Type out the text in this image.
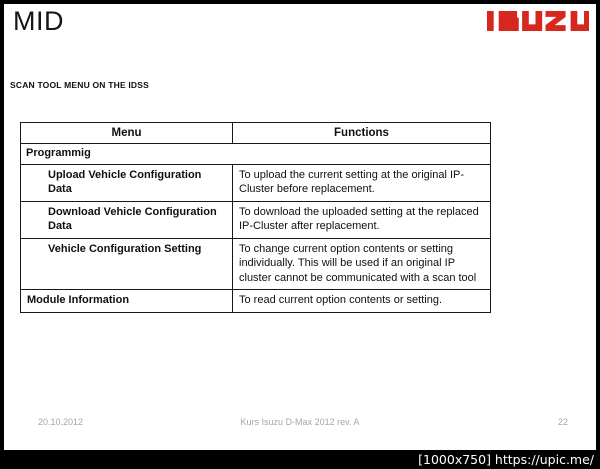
MID
SCAN TOOL MENU ON THE IDSS
Menu	Functions
Programmig	
Upload Vehicle Configuration Data	To upload the current setting at the original IP-Cluster before replacement.
Download Vehicle Configuration Data	To download the uploaded setting at the replaced IP-Cluster after replacement.
Vehicle Configuration Setting	To change current option contents or setting individually. This will be used if an original IP cluster cannot be communicated with a scan tool
Module Information	To read current option contents or setting.
20.10.2012	Kurs Isuzu D-Max 2012 rev. A	22
[1000x750] https://upic.me/
